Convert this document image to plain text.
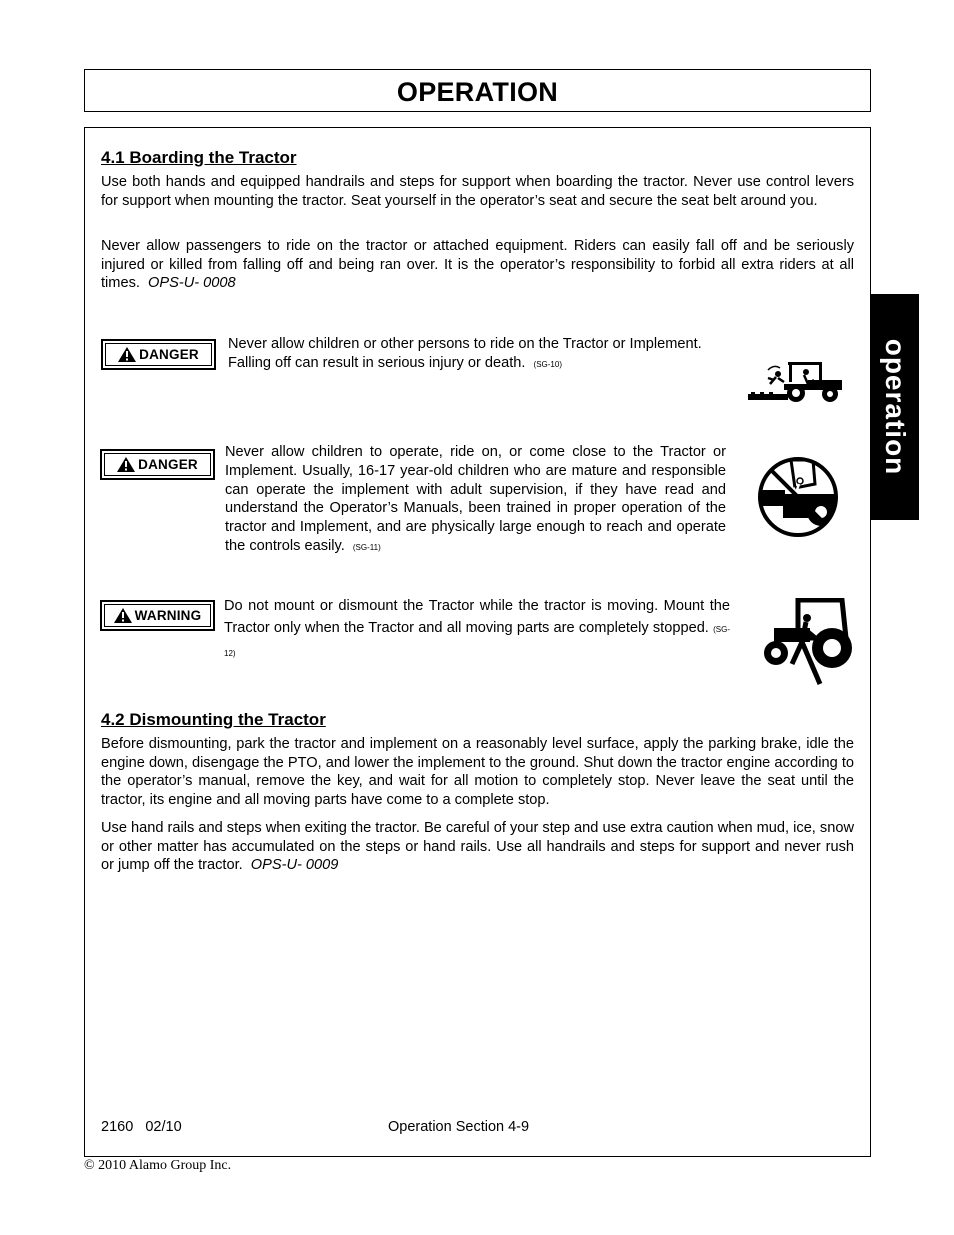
OPERATION
operation
4.1 Boarding the Tractor

Use both hands and equipped handrails and steps for support when boarding the tractor. Never use control levers for support when mounting the tractor. Seat yourself in the operator’s seat and secure the seat belt around you.

Never allow passengers to ride on the tractor or attached equipment. Riders can easily fall off and be seriously injured or killed from falling off and being ran over. It is the operator’s responsibility to forbid all extra riders at all times. OPS-U- 0008

DANGER

Never allow children or other persons to ride on the Tractor or Implement. Falling off can result in serious injury or death. (SG-10)

DANGER

Never allow children to operate, ride on, or come close to the Tractor or Implement. Usually, 16-17 year-old children who are mature and responsible can operate the implement with adult supervision, if they have read and understand the Operator’s Manuals, been trained in proper operation of the tractor and Implement, and are physically large enough to reach and operate the controls easily. (SG-11)

WARNING

Do not mount or dismount the Tractor while the tractor is moving. Mount the Tractor only when the Tractor and all moving parts are completely stopped. (SG-12)

4.2 Dismounting the Tractor

Before dismounting, park the tractor and implement on a reasonably level surface, apply the parking brake, idle the engine down, disengage the PTO, and lower the implement to the ground. Shut down the tractor engine according to the operator’s manual, remove the key, and wait for all motion to completely stop. Never leave the seat until the tractor, its engine and all moving parts have come to a complete stop.

Use hand rails and steps when exiting the tractor. Be careful of your step and use extra caution when mud, ice, snow or other matter has accumulated on the steps or hand rails. Use all handrails and steps for support and never rush or jump off the tractor. OPS-U- 0009

2160   02/10	Operation Section 4-9
© 2010 Alamo Group Inc.
